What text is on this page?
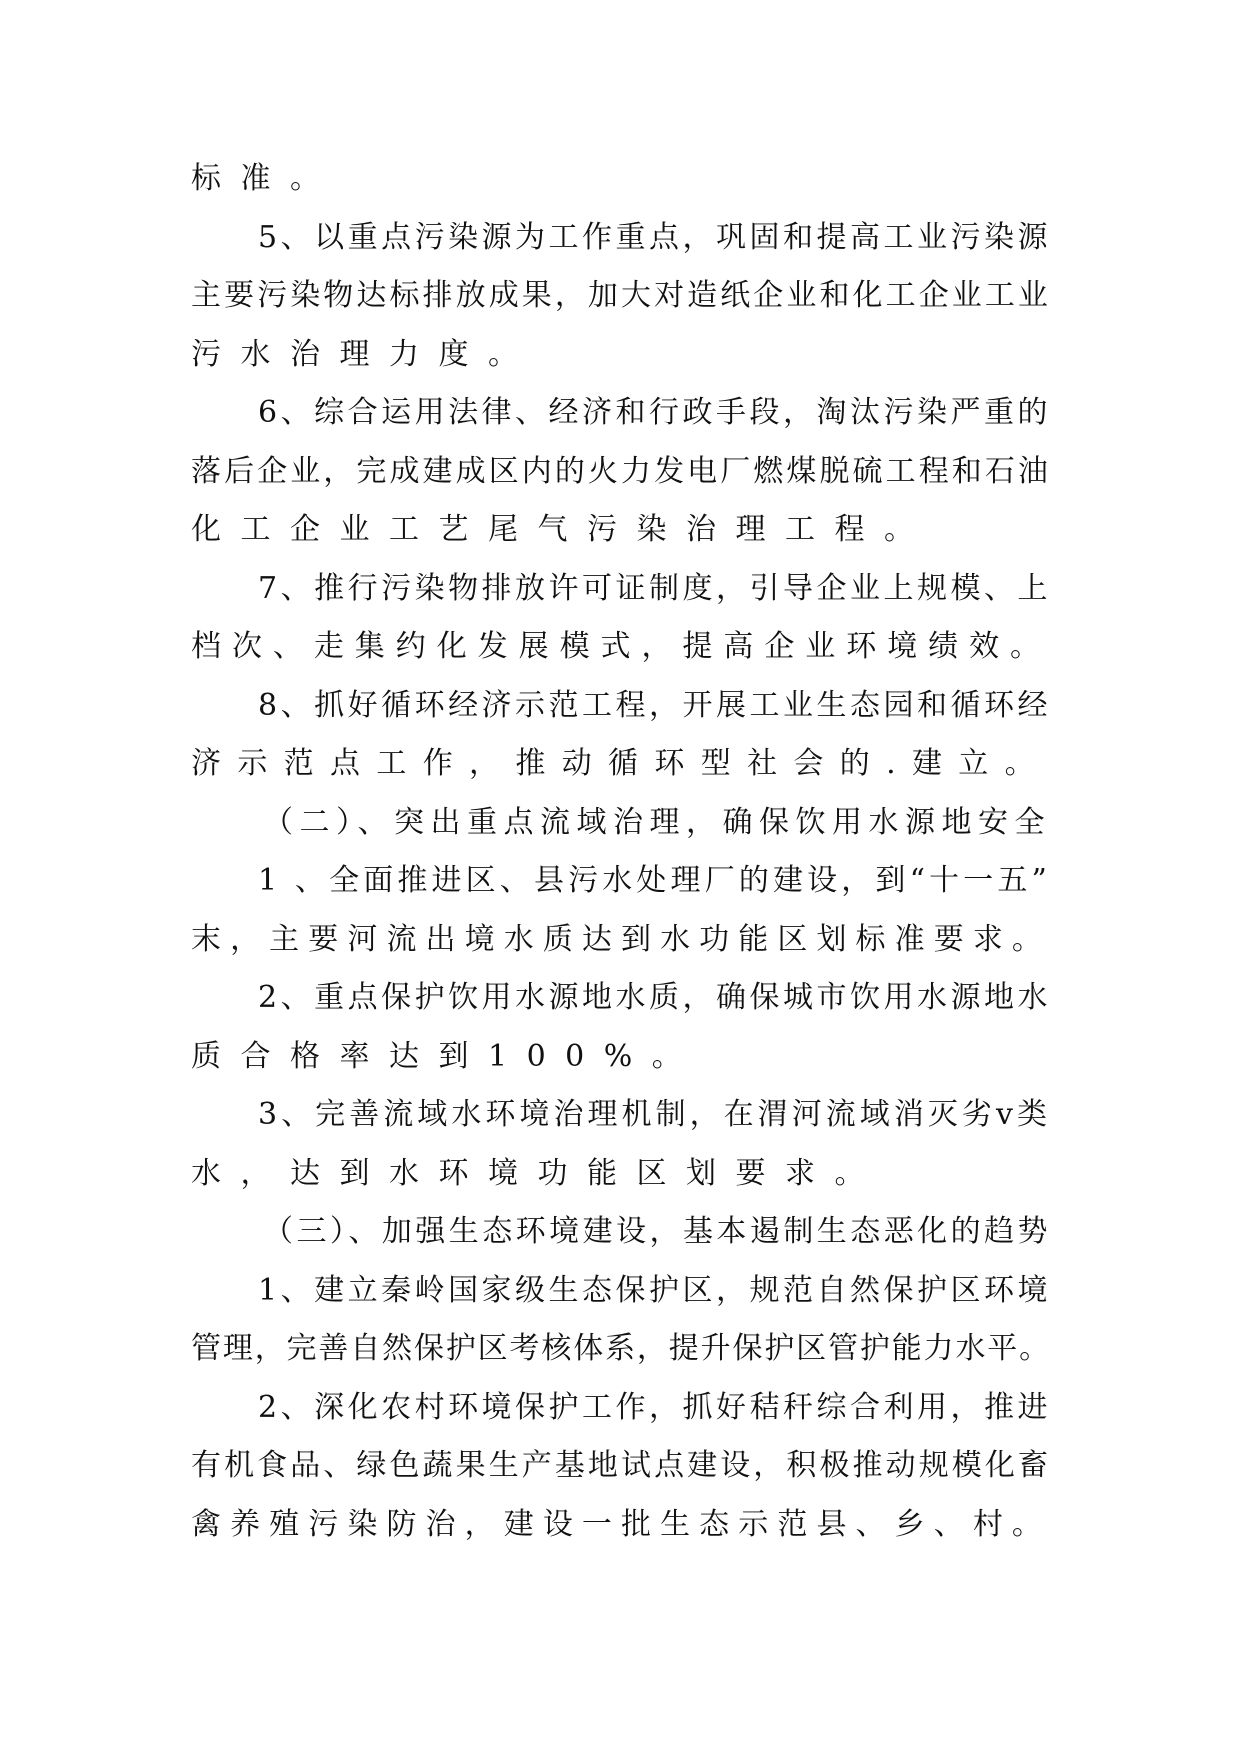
标准。
5、以重点污染源为工作重点，巩固和提高工业污染源
主要污染物达标排放成果，加大对造纸企业和化工企业工业
污水治理力度。
6、综合运用法律、经济和行政手段，淘汰污染严重的
落后企业，完成建成区内的火力发电厂燃煤脱硫工程和石油
化工企业工艺尾气污染治理工程。
7、推行污染物排放许可证制度，引导企业上规模、上
档次、走集约化发展模式，提高企业环境绩效。
8、抓好循环经济示范工程，开展工业生态园和循环经
济示范点工作，推动循环型社会的.建立。
（二）、突出重点流域治理，确保饮用水源地安全
1 、全面推进区、县污水处理厂的建设，到“十一五”
末，主要河流出境水质达到水功能区划标准要求。
2、重点保护饮用水源地水质，确保城市饮用水源地水
质合格率达到100%。
3、完善流域水环境治理机制，在渭河流域消灭劣v类
水，达到水环境功能区划要求。
（三）、加强生态环境建设，基本遏制生态恶化的趋势
1、建立秦岭国家级生态保护区，规范自然保护区环境
管理，完善自然保护区考核体系，提升保护区管护能力水平。
2、深化农村环境保护工作，抓好秸秆综合利用，推进
有机食品、绿色蔬果生产基地试点建设，积极推动规模化畜
禽养殖污染防治，建设一批生态示范县、乡、村。
